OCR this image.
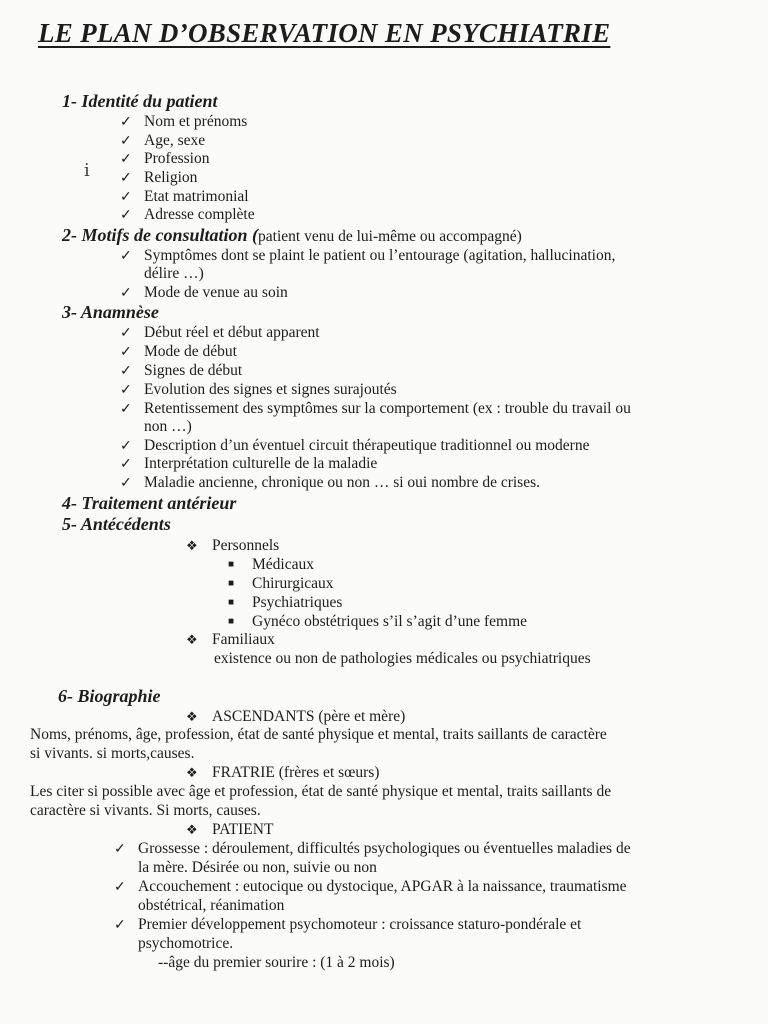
LE PLAN D’OBSERVATION EN PSYCHIATRIE
1- Identité du patient
✓ Nom et prénoms
✓ Age, sexe
✓ Profession
ⅰ ✓ Religion
✓ Etat matrimonial
✓ Adresse complète
2- Motifs de consultation (patient venu de lui-même ou accompagné)
✓ Symptômes dont se plaint le patient ou l’entourage (agitation, hallucination,
délire …)
✓ Mode de venue au soin
3- Anamnèse
✓ Début réel et début apparent
✓ Mode de début
✓ Signes de début
✓ Evolution des signes et signes surajoutés
✓ Retentissement des symptômes sur la comportement (ex : trouble du travail ou
non …)
✓ Description d’un éventuel circuit thérapeutique traditionnel ou moderne
✓ Interprétation culturelle de la maladie
✓ Maladie ancienne, chronique ou non … si oui nombre de crises.
4- Traitement antérieur
5- Antécédents
❖ Personnels
■ Médicaux
■ Chirurgicaux
■ Psychiatriques
■ Gynéco obstétriques s’il s’agit d’une femme
❖ Familiaux
existence ou non de pathologies médicales ou psychiatriques
6- Biographie
❖ ASCENDANTS (père et mère)
Noms, prénoms, âge, profession, état de santé physique et mental, traits saillants de caractère
si vivants. si morts,causes.
❖ FRATRIE (frères et sœurs)
Les citer si possible avec âge et profession, état de santé physique et mental, traits saillants de
caractère si vivants. Si morts, causes.
❖ PATIENT
✓ Grossesse : déroulement, difficultés psychologiques ou éventuelles maladies de
la mère. Désirée ou non, suivie ou non
✓ Accouchement : eutocique ou dystocique, APGAR à la naissance, traumatisme
obstétrical, réanimation
✓ Premier développement psychomoteur : croissance staturo-pondérale et
psychomotrice.
--âge du premier sourire : (1 à 2 mois)
